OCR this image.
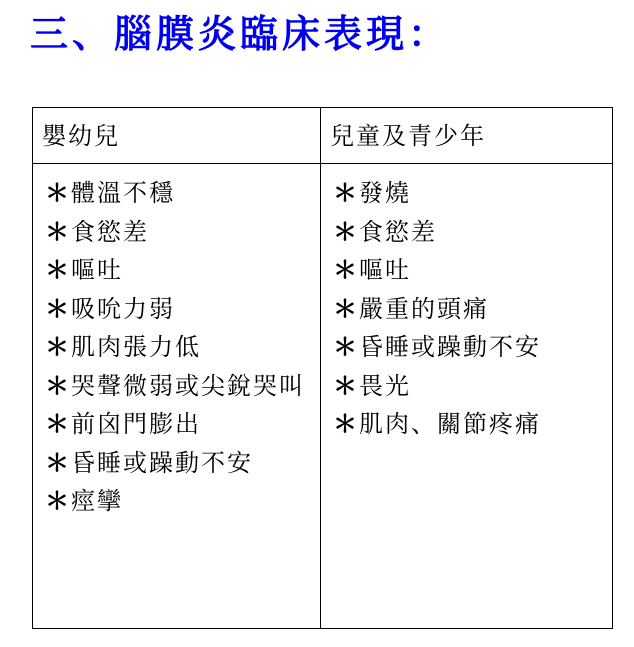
三、腦膜炎臨床表現：
嬰幼兒	兒童及青少年
＊ 體溫不穩
＊ 食慾差
＊ 嘔吐
＊ 吸吮力弱
＊ 肌肉張力低
＊ 哭聲微弱或尖銳哭叫
＊ 前囟門膨出
＊ 昏睡或躁動不安
＊ 痙攣
＊ 發燒
＊ 食慾差
＊ 嘔吐
＊ 嚴重的頭痛
＊ 昏睡或躁動不安
＊ 畏光
＊ 肌肉、關節疼痛
